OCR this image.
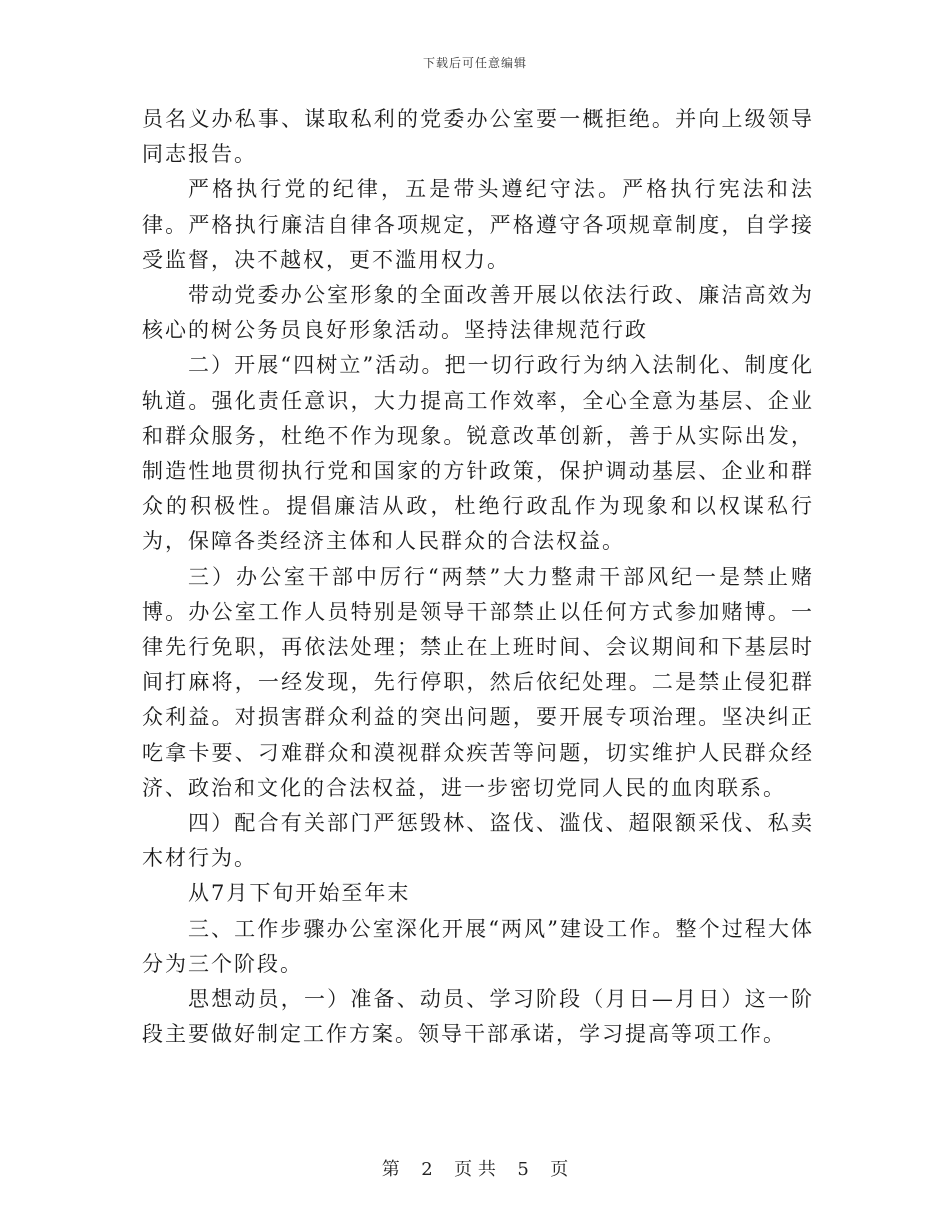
下载后可任意编辑

员名义办私事、谋取私利的党委办公室要一概拒绝。并向上级领导同志报告。

严格执行党的纪律，五是带头遵纪守法。严格执行宪法和法律。严格执行廉洁自律各项规定，严格遵守各项规章制度，自学接受监督，决不越权，更不滥用权力。

带动党委办公室形象的全面改善开展以依法行政、廉洁高效为核心的树公务员良好形象活动。坚持法律规范行政

二）开展“四树立”活动。把一切行政行为纳入法制化、制度化轨道。强化责任意识，大力提高工作效率，全心全意为基层、企业和群众服务，杜绝不作为现象。锐意改革创新，善于从实际出发，制造性地贯彻执行党和国家的方针政策，保护调动基层、企业和群众的积极性。提倡廉洁从政，杜绝行政乱作为现象和以权谋私行为，保障各类经济主体和人民群众的合法权益。

三）办公室干部中厉行“两禁”大力整肃干部风纪一是禁止赌博。办公室工作人员特别是领导干部禁止以任何方式参加赌博。一律先行免职，再依法处理；禁止在上班时间、会议期间和下基层时间打麻将，一经发现，先行停职，然后依纪处理。二是禁止侵犯群众利益。对损害群众利益的突出问题，要开展专项治理。坚决纠正吃拿卡要、刁难群众和漠视群众疾苦等问题，切实维护人民群众经济、政治和文化的合法权益，进一步密切党同人民的血肉联系。

四）配合有关部门严惩毁林、盗伐、滥伐、超限额采伐、私卖木材行为。

从7月下旬开始至年末

三、工作步骤办公室深化开展“两风”建设工作。整个过程大体分为三个阶段。

思想动员，一）准备、动员、学习阶段（月日—月日）这一阶段主要做好制定工作方案。领导干部承诺，学习提高等项工作。

第 2 页 共 5 页
